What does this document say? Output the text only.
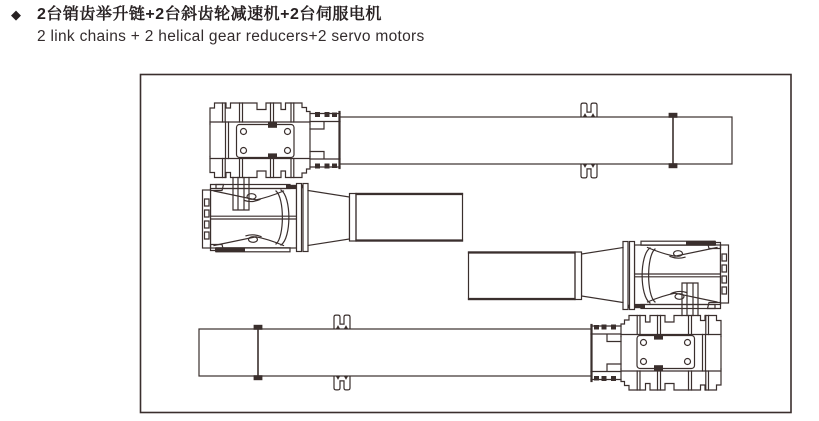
◆ 2台销齿举升链+2台斜齿轮减速机+2台伺服电机
2 link chains + 2 helical gear reducers+2 servo motors
